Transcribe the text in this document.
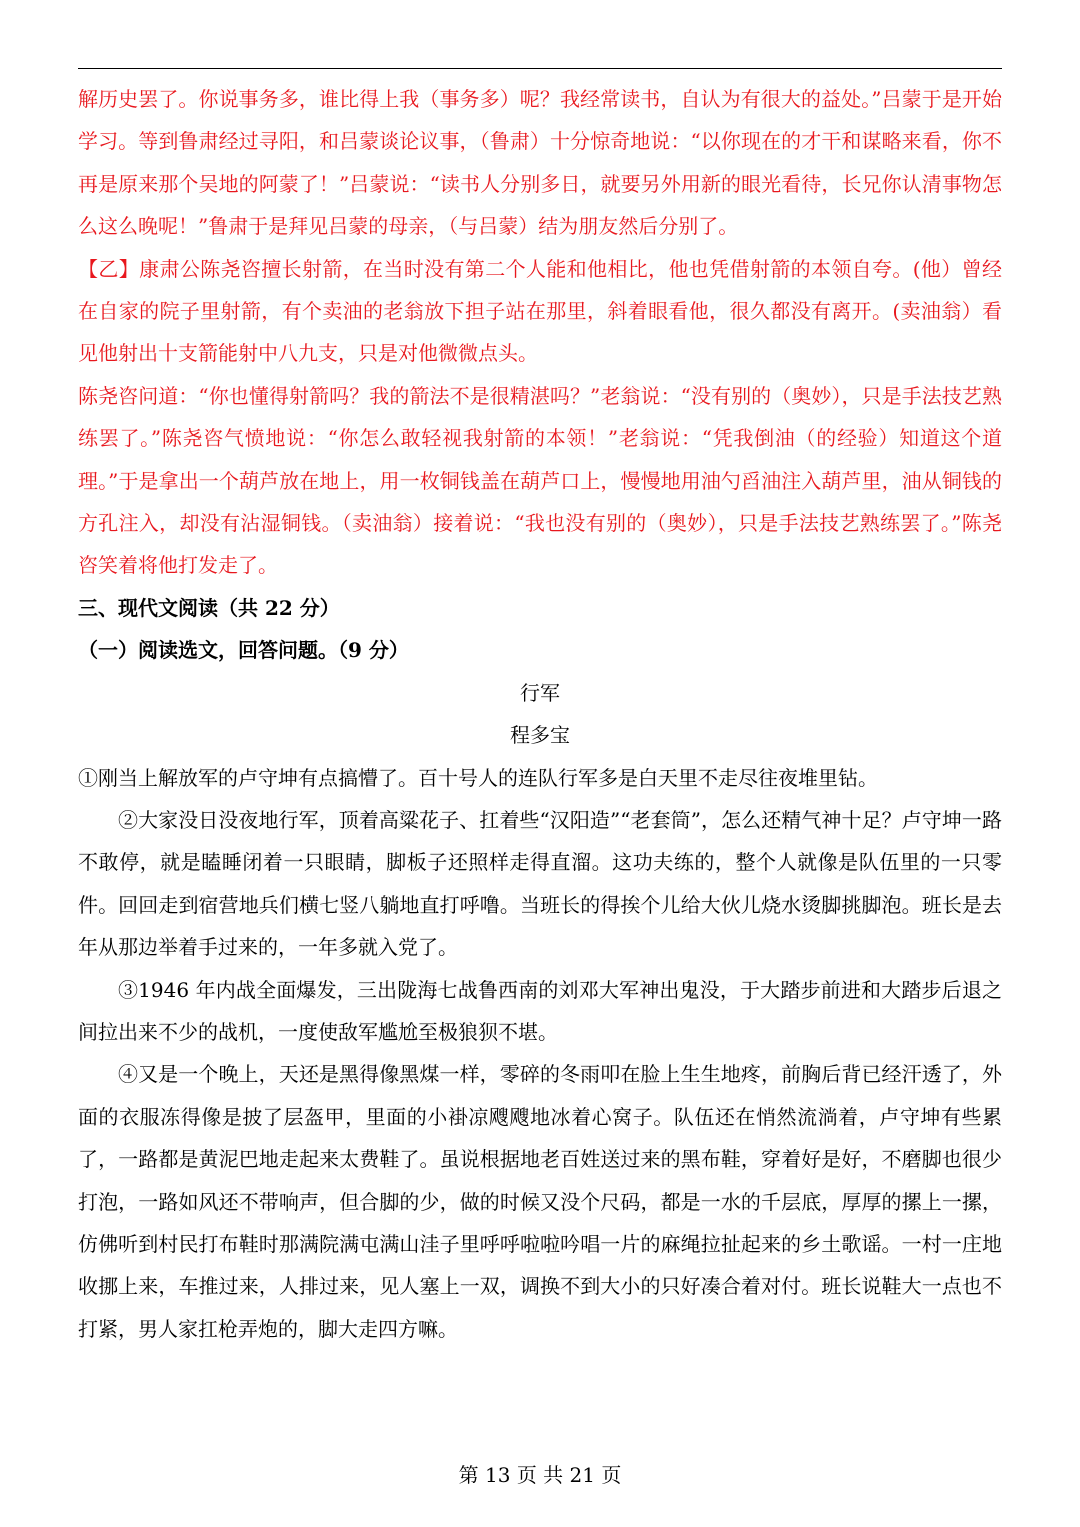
解历史罢了。你说事务多，谁比得上我（事务多）呢？我经常读书，自认为有很大的益处。”吕蒙于是开始学习。等到鲁肃经过寻阳，和吕蒙谈论议事，（鲁肃）十分惊奇地说：“以你现在的才干和谋略来看，你不再是原来那个吴地的阿蒙了！”吕蒙说：“读书人分别多日，就要另外用新的眼光看待，长兄你认清事物怎么这么晚呢！”鲁肃于是拜见吕蒙的母亲，（与吕蒙）结为朋友然后分别了。

【乙】康肃公陈尧咨擅长射箭，在当时没有第二个人能和他相比，他也凭借射箭的本领自夸。(他）曾经在自家的院子里射箭，有个卖油的老翁放下担子站在那里，斜着眼看他，很久都没有离开。(卖油翁）看见他射出十支箭能射中八九支，只是对他微微点头。

陈尧咨问道：“你也懂得射箭吗？我的箭法不是很精湛吗？”老翁说：“没有别的（奥妙），只是手法技艺熟练罢了。”陈尧咨气愤地说：“你怎么敢轻视我射箭的本领！”老翁说：“凭我倒油（的经验）知道这个道理。”于是拿出一个葫芦放在地上，用一枚铜钱盖在葫芦口上，慢慢地用油勺舀油注入葫芦里，油从铜钱的方孔注入，却没有沾湿铜钱。（卖油翁）接着说：“我也没有别的（奥妙），只是手法技艺熟练罢了。”陈尧咨笑着将他打发走了。

三、现代文阅读（共 22 分）

（一）阅读选文，回答问题。（9 分）

行军

程多宝

①刚当上解放军的卢守坤有点搞懵了。百十号人的连队行军多是白天里不走尽往夜堆里钻。

②大家没日没夜地行军，顶着高粱花子、扛着些“汉阳造”“老套筒”，怎么还精气神十足？卢守坤一路不敢停，就是瞌睡闭着一只眼睛，脚板子还照样走得直溜。这功夫练的，整个人就像是队伍里的一只零件。回回走到宿营地兵们横七竖八躺地直打呼噜。当班长的得挨个儿给大伙儿烧水烫脚挑脚泡。班长是去年从那边举着手过来的，一年多就入党了。

③1946 年内战全面爆发，三出陇海七战鲁西南的刘邓大军神出鬼没，于大踏步前进和大踏步后退之间拉出来不少的战机，一度使敌军尴尬至极狼狈不堪。

④又是一个晚上，天还是黑得像黑煤一样，零碎的冬雨叩在脸上生生地疼，前胸后背已经汗透了，外面的衣服冻得像是披了层盔甲，里面的小褂凉飕飕地冰着心窝子。队伍还在悄然流淌着，卢守坤有些累了，一路都是黄泥巴地走起来太费鞋了。虽说根据地老百姓送过来的黑布鞋，穿着好是好，不磨脚也很少打泡，一路如风还不带响声，但合脚的少，做的时候又没个尺码，都是一水的千层底，厚厚的摞上一摞，仿佛听到村民打布鞋时那满院满屯满山洼子里呼呼啦啦吟唱一片的麻绳拉扯起来的乡土歌谣。一村一庄地收挪上来，车推过来，人排过来，见人塞上一双，调换不到大小的只好凑合着对付。班长说鞋大一点也不打紧，男人家扛枪弄炮的，脚大走四方嘛。

第 13 页 共 21 页
